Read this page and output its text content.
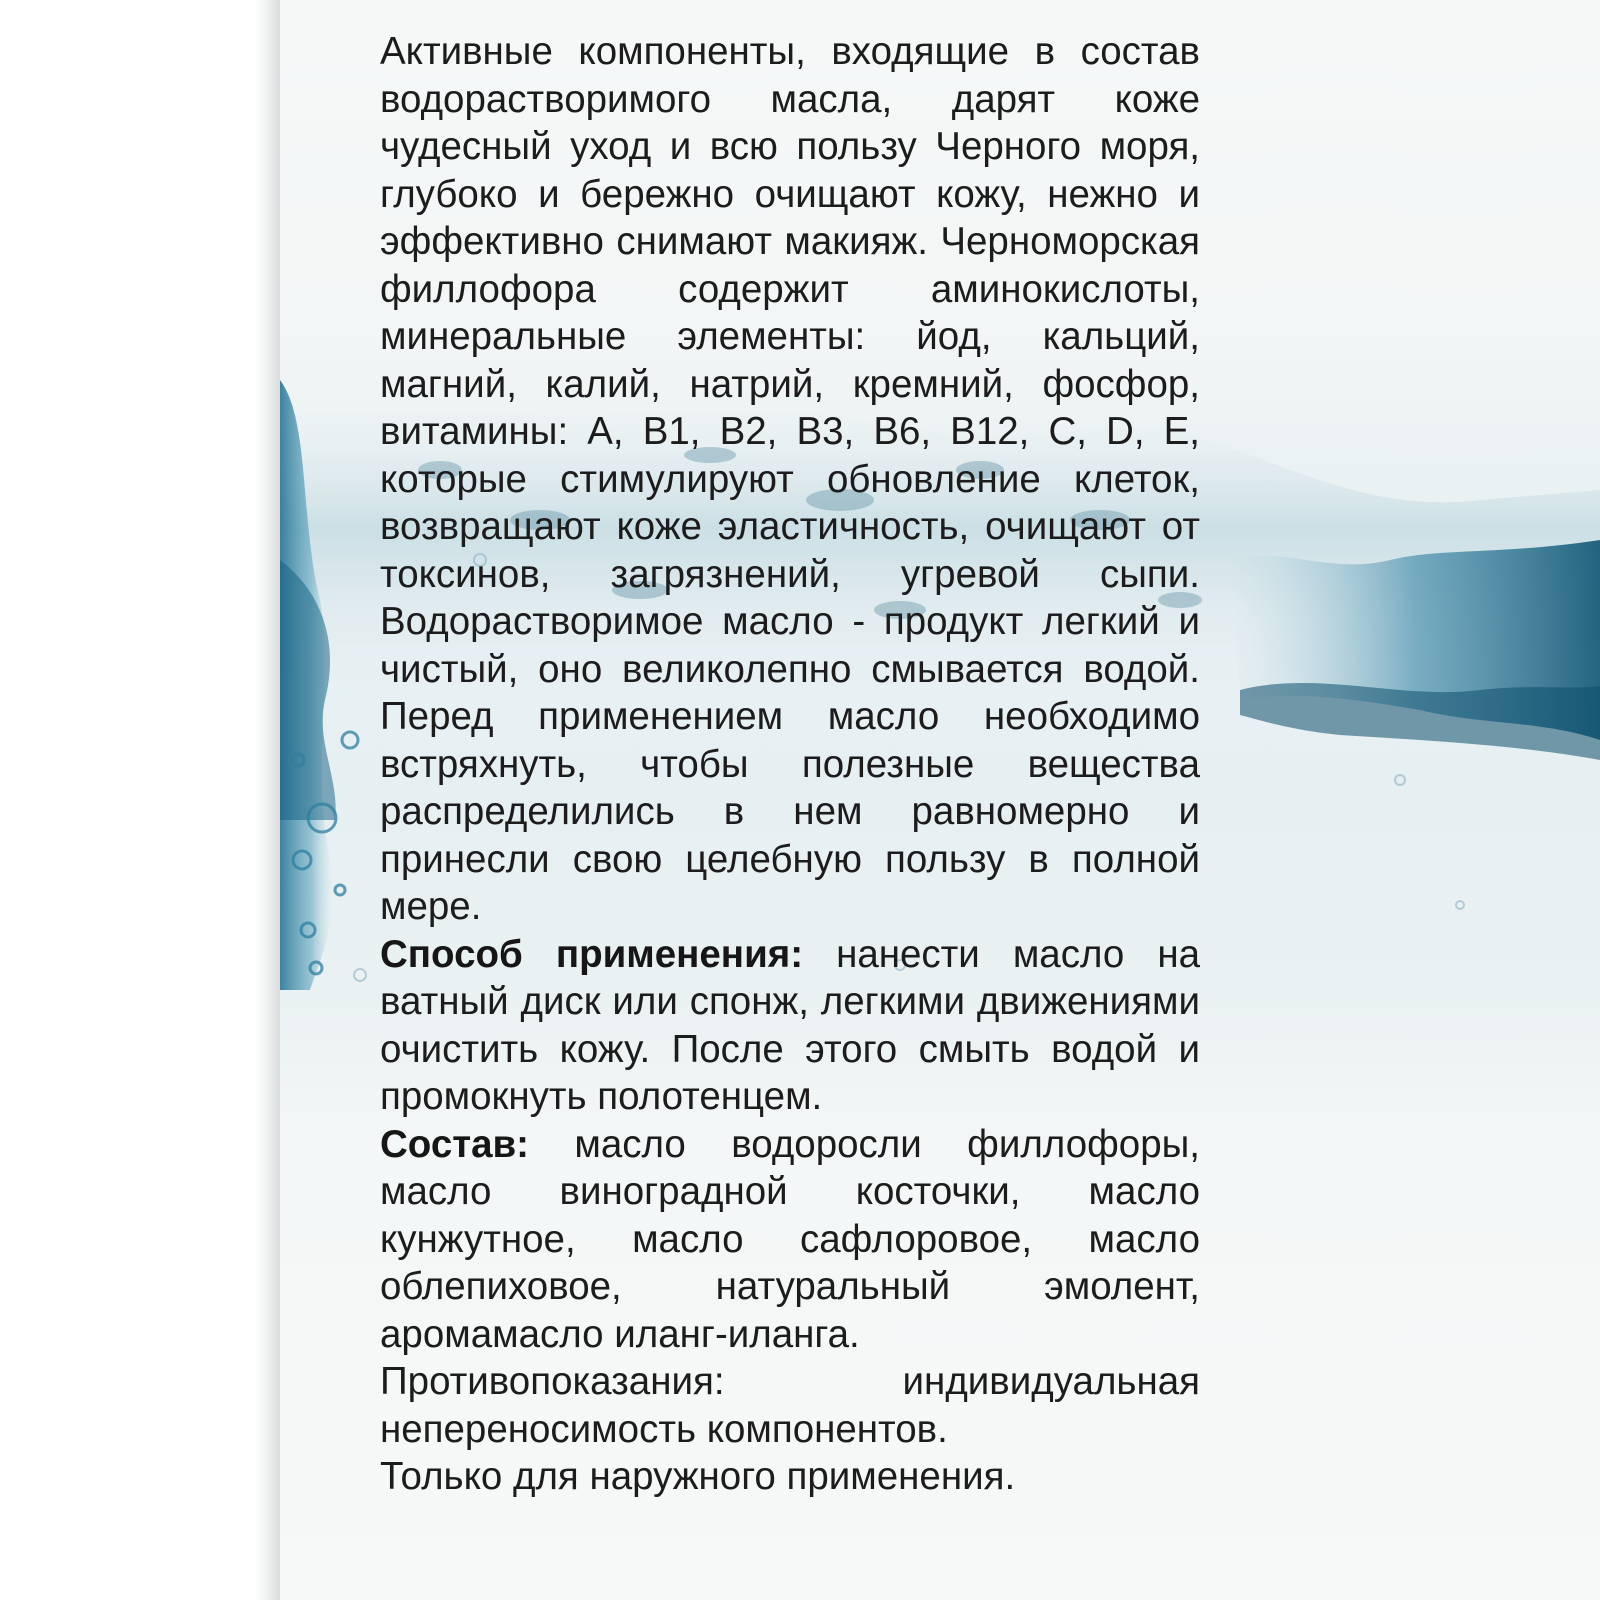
Активные компоненты, входящие в состав водорастворимого масла, дарят коже чудесный уход и всю пользу Черного моря, глубоко и бережно очищают кожу, нежно и эффективно снимают макияж. Черноморская филлофора содержит аминокислоты, минеральные элементы: йод, кальций, магний, калий, натрий, кремний, фосфор, витамины: А, В1, В2, В3, В6, В12, С, D, E, которые стимулируют обновление клеток, возвращают коже эластичность, очищают от токсинов, загрязнений, угревой сыпи. Водорастворимое масло - продукт легкий и чистый, оно великолепно смывается водой. Перед применением масло необходимо встряхнуть, чтобы полезные вещества распределились в нем равномерно и принесли свою целебную пользу в полной мере.

Способ применения: нанести масло на ватный диск или спонж, легкими движениями очистить кожу. После этого смыть водой и промокнуть полотенцем.

Состав: масло водоросли филлофоры, масло виноградной косточки, масло кунжутное, масло сафлоровое, масло облепиховое, натуральный эмолент, аромамасло иланг-иланга.

Противопоказания: индивидуальная непереносимость компонентов.

Только для наружного применения.
